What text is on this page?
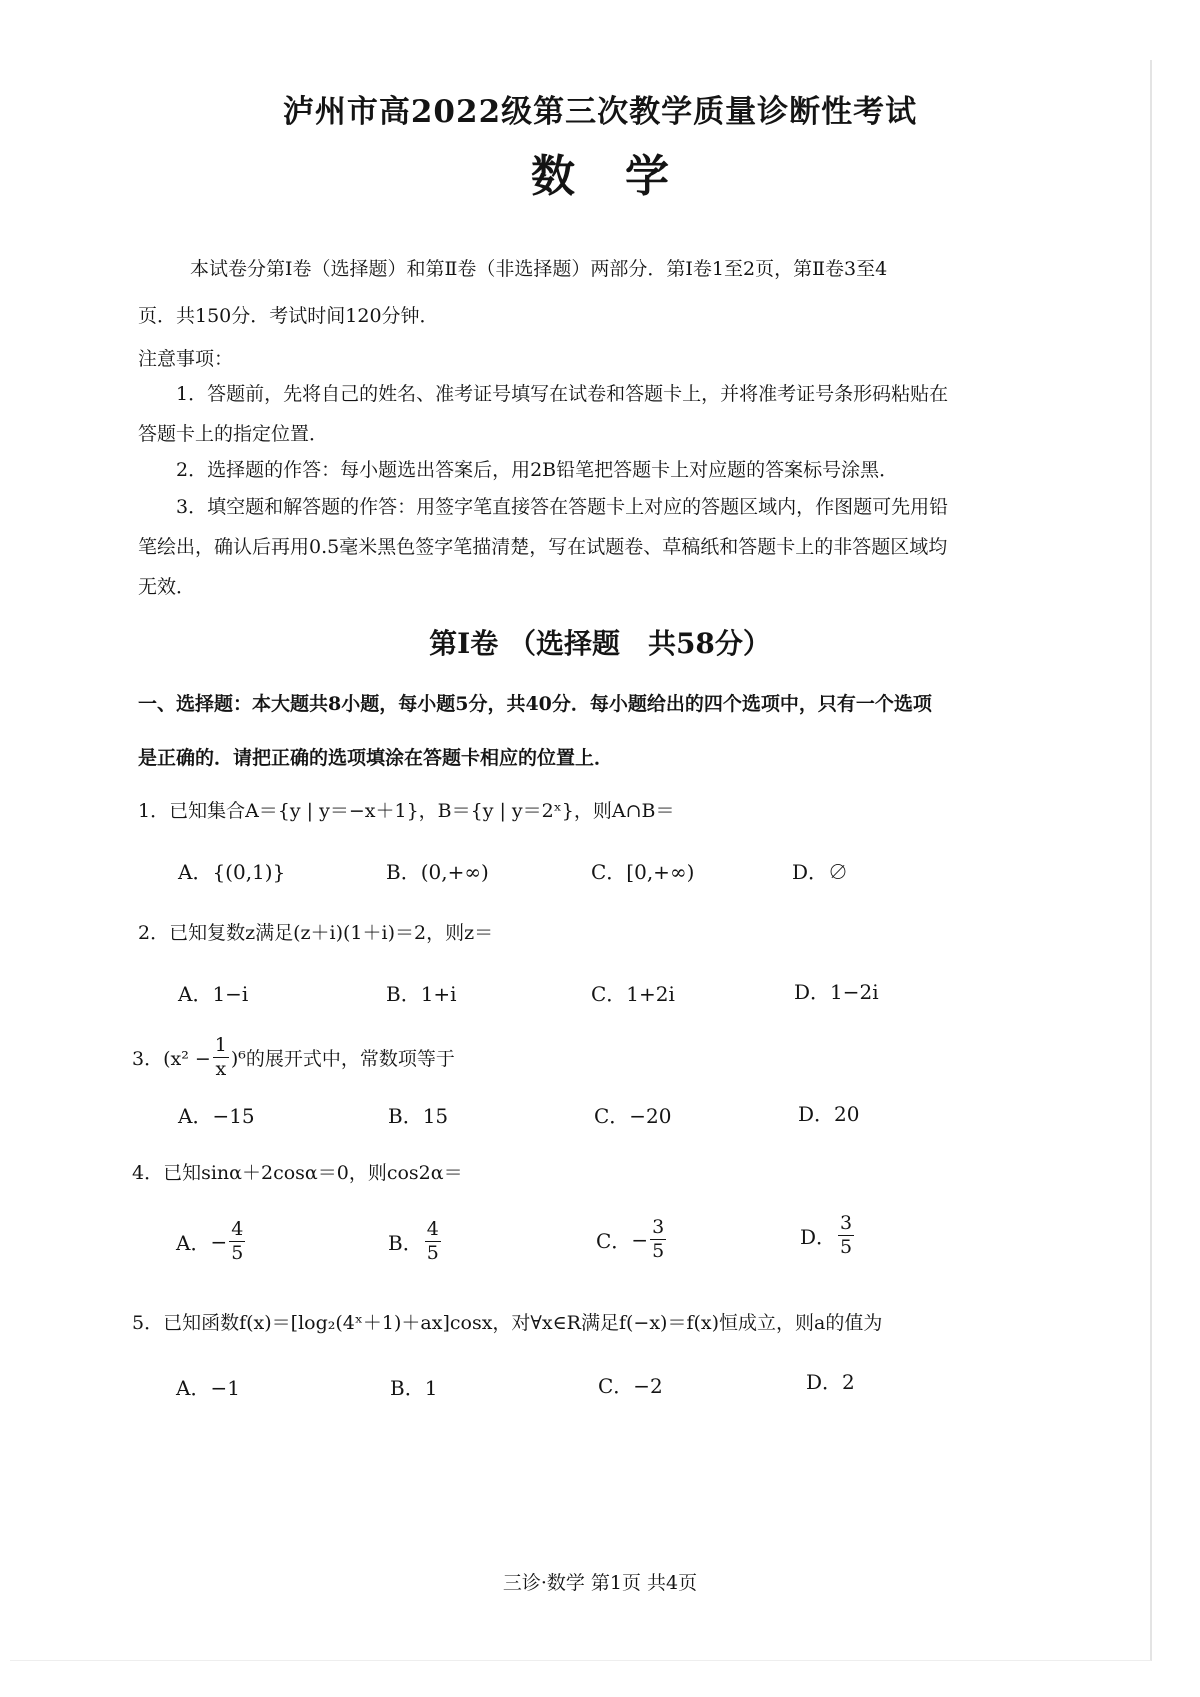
泸州市高2022级第三次教学质量诊断性考试
数学
本试卷分第Ⅰ卷（选择题）和第Ⅱ卷（非选择题）两部分．第Ⅰ卷1至2页，第Ⅱ卷3至4
页．共150分．考试时间120分钟．
注意事项：
1．答题前，先将自己的姓名、准考证号填写在试卷和答题卡上，并将准考证号条形码粘贴在
答题卡上的指定位置．
2．选择题的作答：每小题选出答案后，用2B铅笔把答题卡上对应题的答案标号涂黑．
3．填空题和解答题的作答：用签字笔直接答在答题卡上对应的答题区域内，作图题可先用铅
笔绘出，确认后再用0.5毫米黑色签字笔描清楚，写在试题卷、草稿纸和答题卡上的非答题区域均
无效．
第Ⅰ卷 （选择题　共58分）
一、选择题：本大题共8小题，每小题5分，共40分．每小题给出的四个选项中，只有一个选项
是正确的．请把正确的选项填涂在答题卡相应的位置上．
1．已知集合A＝{y | y＝−x＋1}，B＝{y | y＝2ˣ}，则A∩B＝
A．{(0,1)}	B．(0,+∞)	C．[0,+∞)	D．∅
2．已知复数z满足(z＋i)(1＋i)＝2，则z＝
A．1−i	B．1+i	C．1+2i	D．1−2i
3．$(x^2 - \frac{1}{x} )^6$的展开式中，常数项等于
A．−15	B．15	C．−20	D．20
4．已知sinα＋2cosα＝0，则cos2α＝
A． − $\frac{4}{5}$	B． $\frac{4}{5}$	C． − $\frac{3}{5}$	D． $\frac{3}{5}$
5．已知函数f(x)＝[log₂(4ˣ＋1)＋ax]cosx，对∀x∈R满足f(−x)＝f(x)恒成立，则a的值为
A．−1	B．1	C．−2	D．2
三诊·数学 第1页 共4页
